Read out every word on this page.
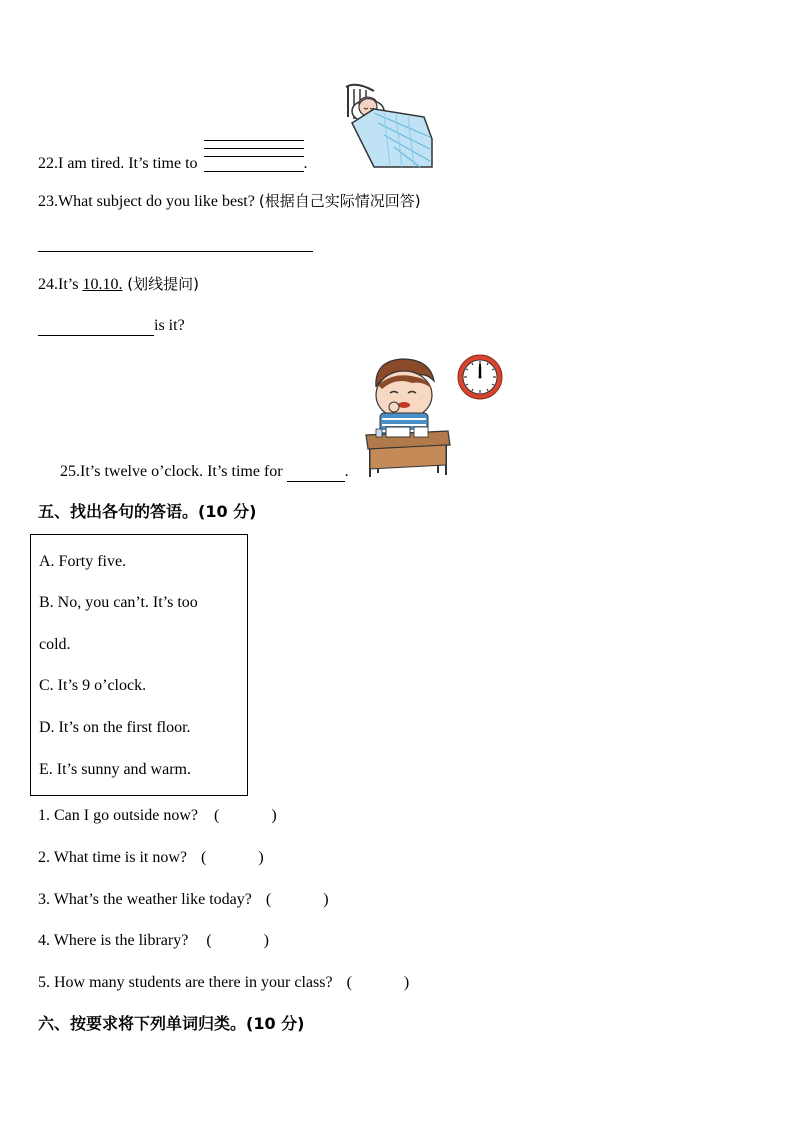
22.I am tired. It’s time to	.
23.What subject do you like best? (根据自己实际情况回答)
24.It’s 10.10. (划线提问)
is it?
25.It’s twelve o’clock. It’s time for	.
五、找出各句的答语。(10 分)
A. Forty five.
B. No, you can’t. It’s too
cold.
C. It’s 9 o’clock.
D. It’s on the first floor.
E. It’s sunny and warm.
1. Can I go outside now? (	)
2. What time is it now? (	)
3. What’s the weather like today? (	)
4. Where is the library? (	)
5. How many students are there in your class? (	)
六、按要求将下列单词归类。(10 分)
